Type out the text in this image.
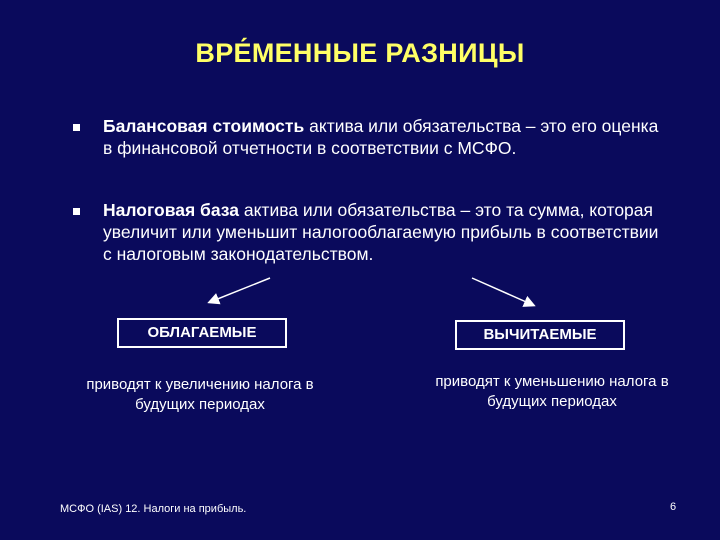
ВРЕ́МЕННЫЕ РАЗНИЦЫ
Балансовая стоимость актива или обязательства – это его оценка в финансовой отчетности в соответствии с МСФО.
Налоговая база актива или обязательства – это та сумма, которая увеличит или уменьшит налогооблагаемую прибыль в соответствии с налоговым законодательством.
ОБЛАГАЕМЫЕ
приводят к увеличению налога в будущих периодах
ВЫЧИТАЕМЫЕ
приводят к уменьшению налога в будущих периодах
МСФО (IAS) 12. Налоги на прибыль.	6
